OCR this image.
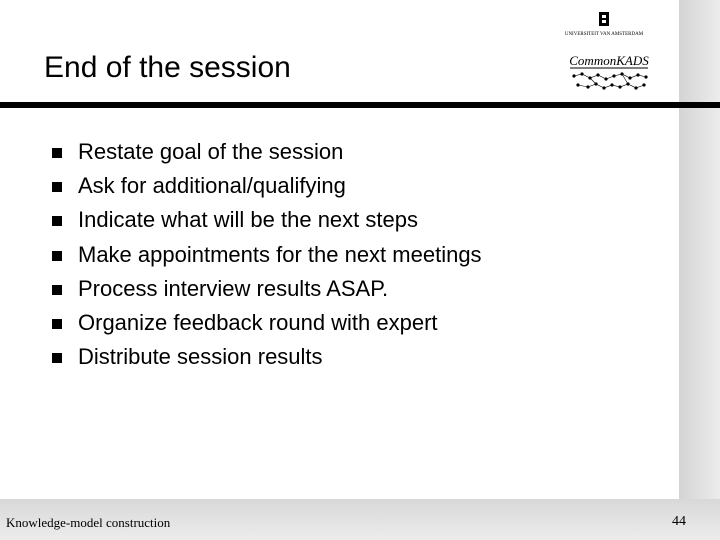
UNIVERSITEIT VAN AMSTERDAM
CommonKADS
End of the session
Restate goal of the session
Ask for additional/qualifying
Indicate what will be the next steps
Make appointments for the next meetings
Process interview results ASAP.
Organize feedback round with expert
Distribute session results
Knowledge-model construction	44
